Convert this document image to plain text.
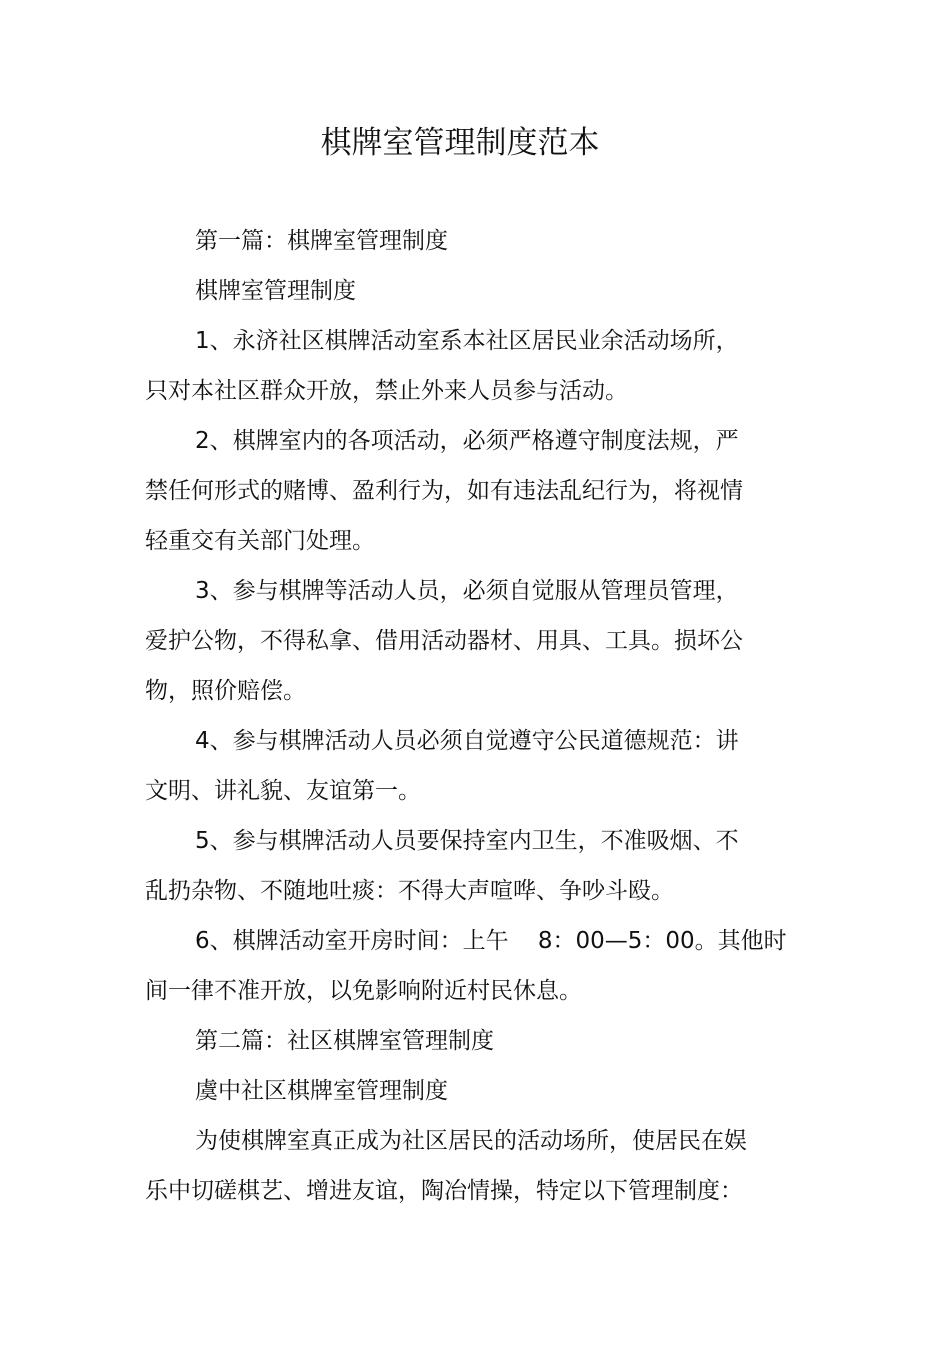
棋牌室管理制度范本
第一篇：棋牌室管理制度
棋牌室管理制度
1、永济社区棋牌活动室系本社区居民业余活动场所，
只对本社区群众开放，禁止外来人员参与活动。
2、棋牌室内的各项活动，必须严格遵守制度法规，严
禁任何形式的赌博、盈利行为，如有违法乱纪行为，将视情
轻重交有关部门处理。
3、参与棋牌等活动人员，必须自觉服从管理员管理，
爱护公物，不得私拿、借用活动器材、用具、工具。损坏公
物，照价赔偿。
4、参与棋牌活动人员必须自觉遵守公民道德规范：讲
文明、讲礼貌、友谊第一。
5、参与棋牌活动人员要保持室内卫生，不准吸烟、不
乱扔杂物、不随地吐痰：不得大声喧哗、争吵斗殴。
6、棋牌活动室开房时间：上午    8：00—5：00。其他时
间一律不准开放，以免影响附近村民休息。
第二篇：社区棋牌室管理制度
虞中社区棋牌室管理制度
为使棋牌室真正成为社区居民的活动场所，使居民在娱
乐中切磋棋艺、增进友谊，陶冶情操，特定以下管理制度：
